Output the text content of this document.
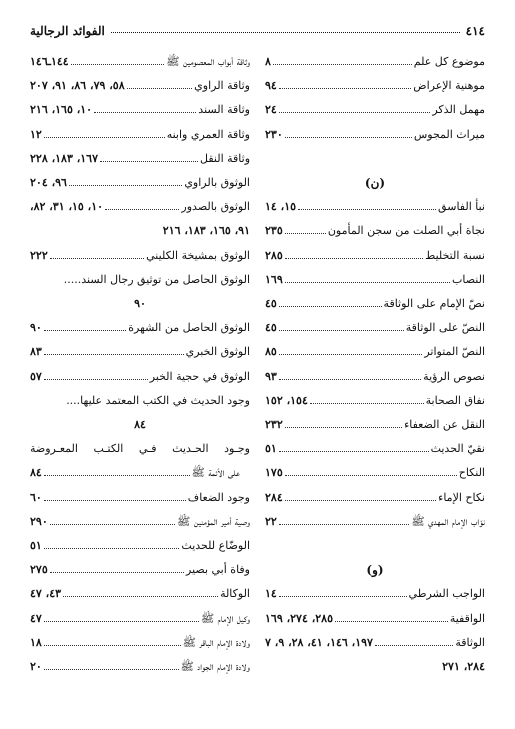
٤١٤
الفوائد الرجالية
موضوع كل علم
٨
موهنية الإعراض
٩٤
مهمل الذكر
٢٤
ميراث المجوس
٢٣٠
(ن)
نبأ الفاسق
١٥، ١٤
نجاة أبي الصلت من سجن المأمون
٢٣٥
نسبة التخليط
٢٨٥
النصاب
١٦٩
نصّ الإمام على الوثاقة
٤٥
النصّ على الوثاقة
٤٥
النصّ المتواتر
٨٥
نصوص الرؤية
٩٣
نفاق الصحابة
١٥٤، ١٥٢
النقل عن الضعفاء
٢٣٢
نقيّ الحديث
٥١
النكاح
١٧٥
نكاح الإماء
٢٨٤
نوّاب الإمام المهدي ﷺ
٢٢
(و)
الواجب الشرطي
١٤
الواقفية
٢٨٥، ٢٧٤، ١٦٩
الوثاقة
١٩٧، ١٤٦، ٤١، ٢٨، ٩، ٧
٢٨٤، ٢٧١
وثاقة أبواب المعصومين ﷺ
١٤٤ـ١٤٦
وثاقة الراوي
٥٨، ٧٩، ٨٦، ٩١، ٢٠٧
وثاقة السند
١٠، ١٦٥، ٢١٦
وثاقة العمري وابنه
١٢
وثاقة النقل
١٦٧، ١٨٣، ٢٢٨
الوثوق بالراوي
٩٦، ٢٠٤
الوثوق بالصدور
١٠، ١٥، ٣١، ٨٢،
٩١، ١٦٥، ١٨٣، ٢١٦
الوثوق بمشيخة الكليني
٢٢٢
الوثوق الحاصل من توثيق رجال السند.....
٩٠
الوثوق الحاصل من الشهرة
٩٠
الوثوق الخبري
٨٣
الوثوق في حجية الخبر
٥٧
وجود الحديث في الكتب المعتمد عليها....
٨٤
وجـود الحـديث فـي الكتـب المعـروضة
على الأئمة ﷺ
٨٤
وجود الضعاف
٦٠
وصية أمير المؤمنين ﷺ
٢٩٠
الوضّاع للحديث
٥١
وفاة أبي بصير
٢٧٥
الوكالة
٤٣، ٤٧
وكيل الإمام ﷺ
٤٧
ولادة الإمام الباقر ﷺ
١٨
ولادة الإمام الجواد ﷺ
٢٠
